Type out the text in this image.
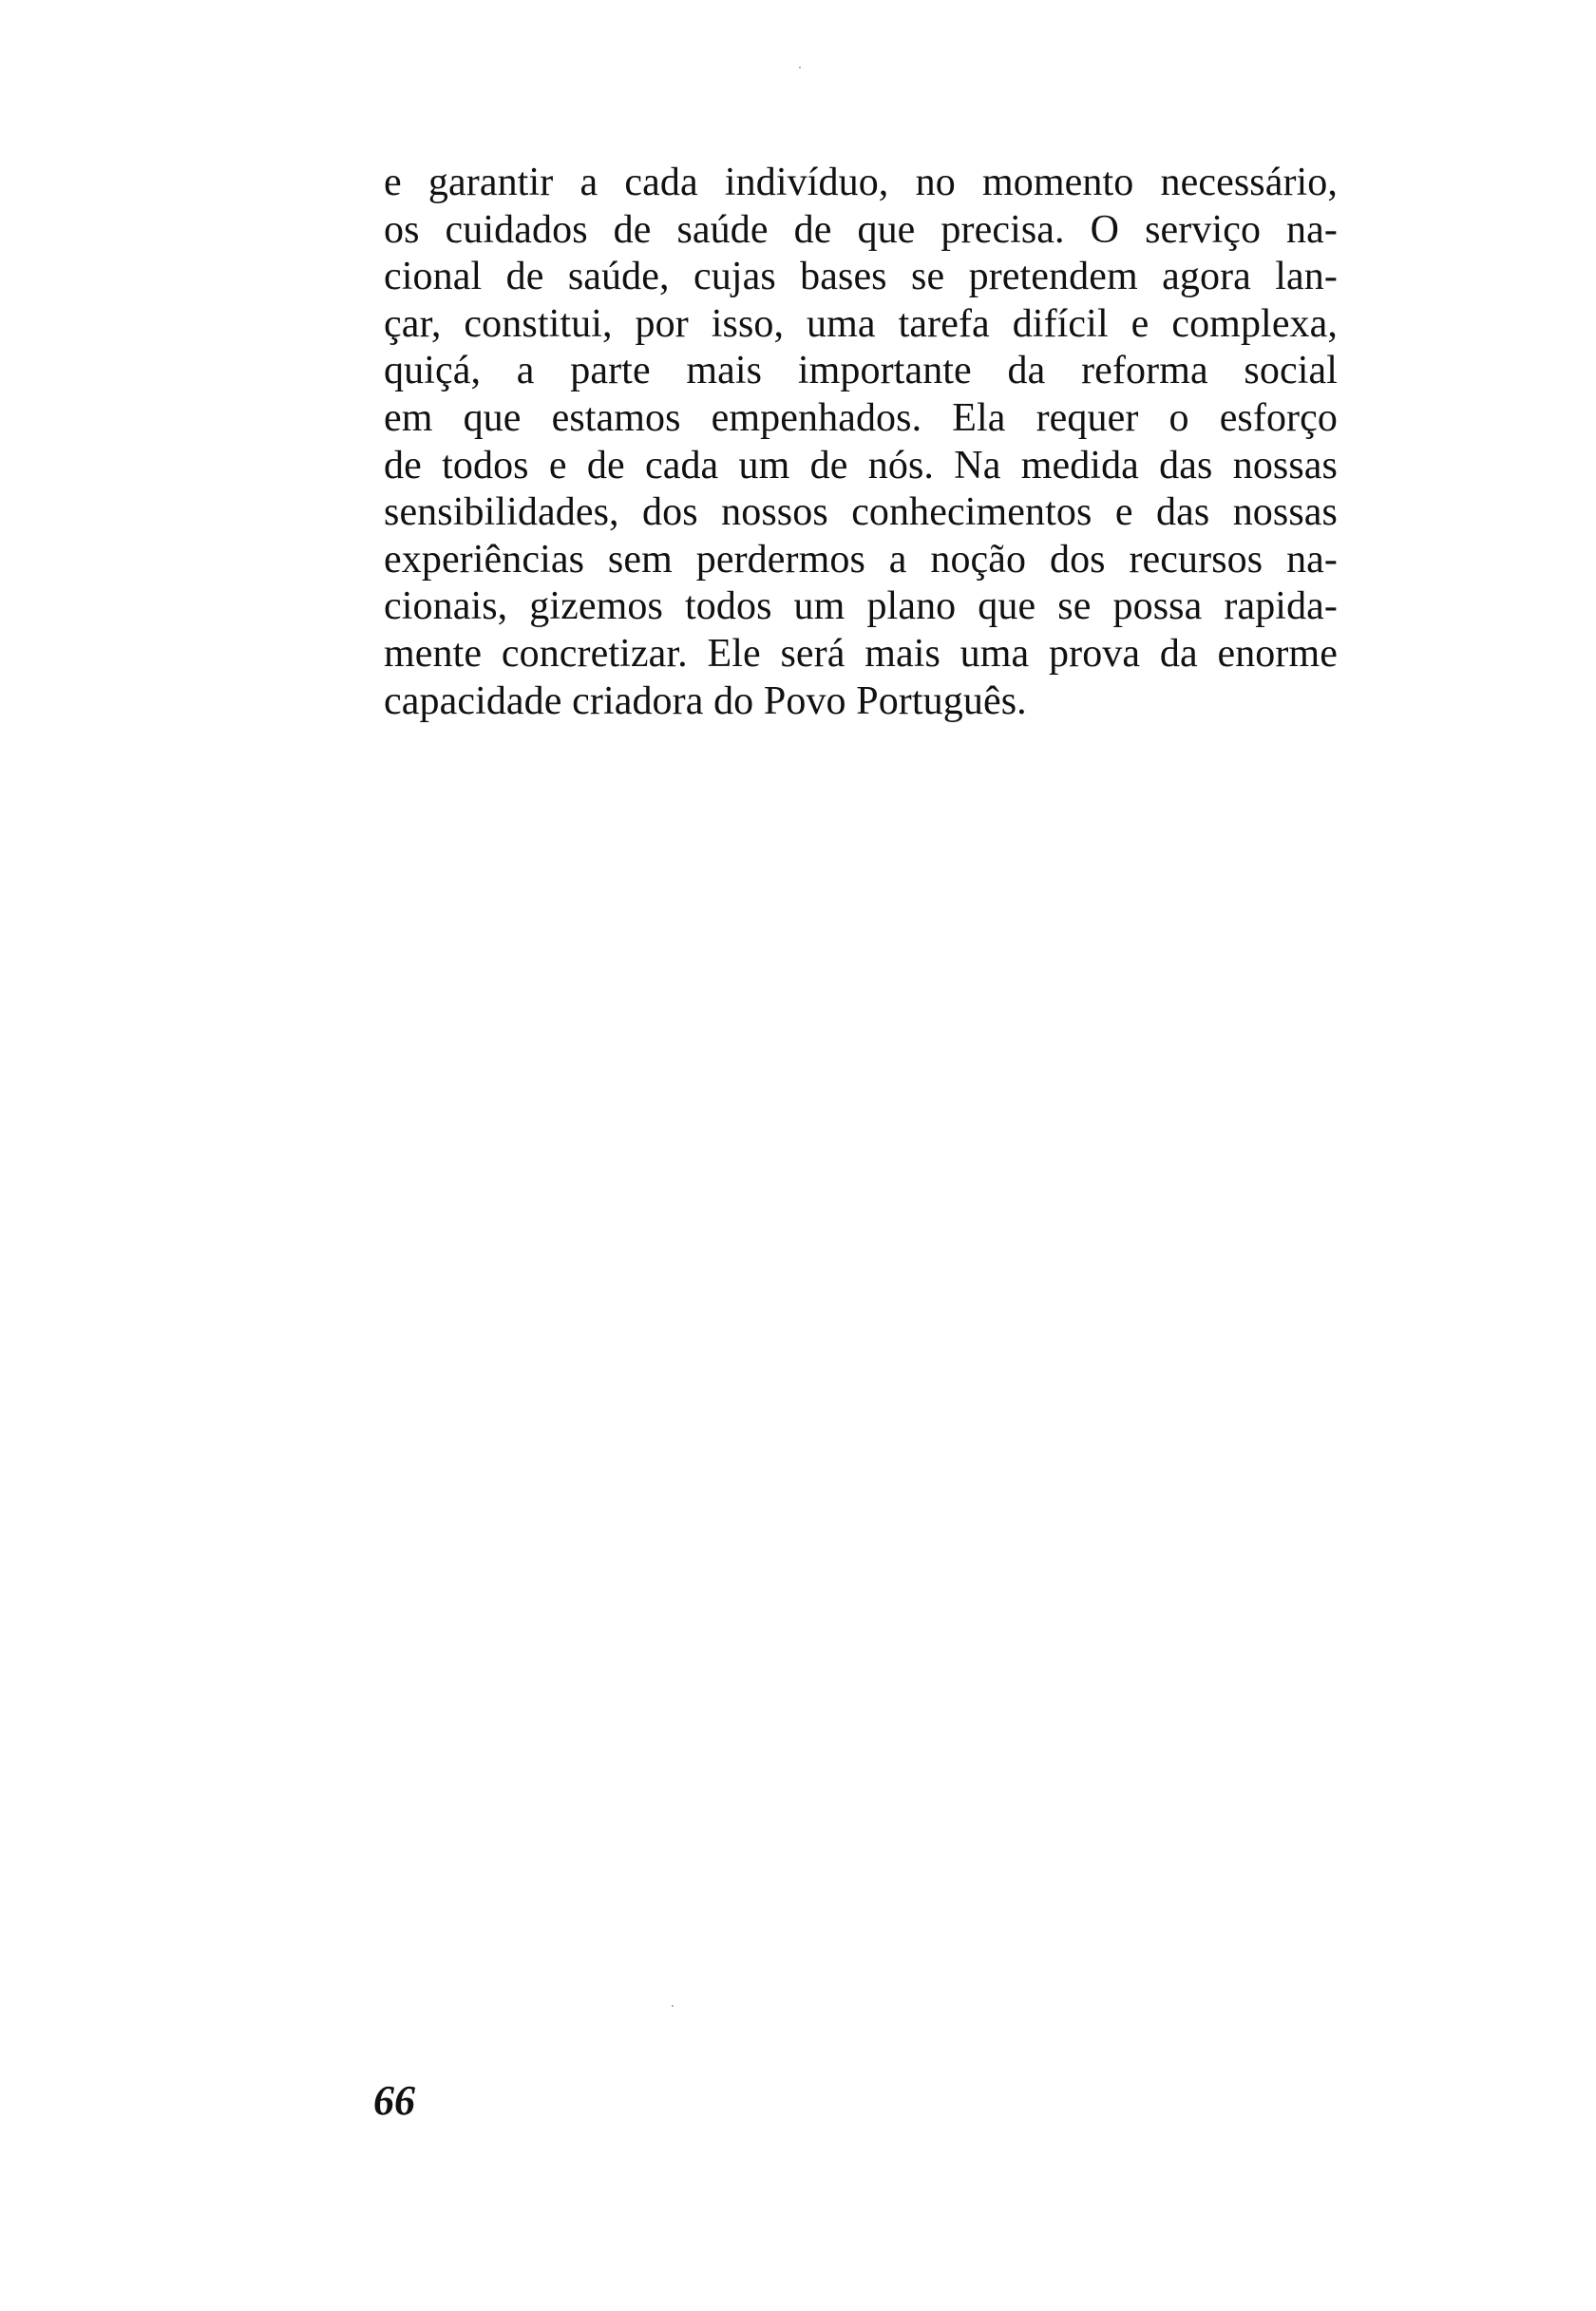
e garantir a cada indivíduo, no momento necessário,
os cuidados de saúde de que precisa. O serviço na-
cional de saúde, cujas bases se pretendem agora lan-
çar, constitui, por isso, uma tarefa difícil e complexa,
quiçá, a parte mais importante da reforma social
em que estamos empenhados. Ela requer o esforço
de todos e de cada um de nós. Na medida das nossas
sensibilidades, dos nossos conhecimentos e das nossas
experiências sem perdermos a noção dos recursos na-
cionais, gizemos todos um plano que se possa rapida-
mente concretizar. Ele será mais uma prova da enorme
capacidade criadora do Povo Português.
66
